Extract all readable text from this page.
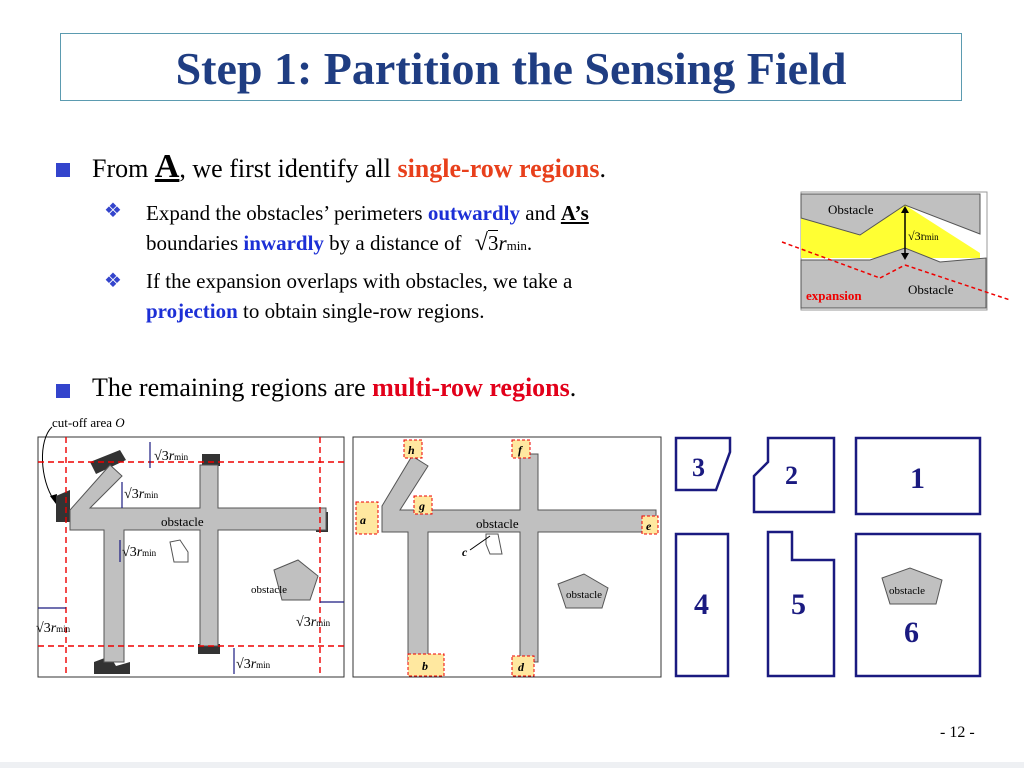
Step 1: Partition the Sensing Field
From A, we first identify all single-row regions.
❖ Expand the obstacles’ perimeters outwardly and A’s
boundaries inwardly by a distance of √3rmin.
❖ If the expansion overlaps with obstacles, we take a
projection to obtain single-row regions.
The remaining regions are multi-row regions.
Obstacle
√3rmin
Obstacle
expansion
cut-off area O
obstacle
obstacle
√3rmin
√3rmin
√3rmin
√3rmin	√3rmin
√3rmin
obstacle
obstacle
h	f
g
a	e
c
b	d
3	2	1
4	5
6
obstacle
- 12 -
